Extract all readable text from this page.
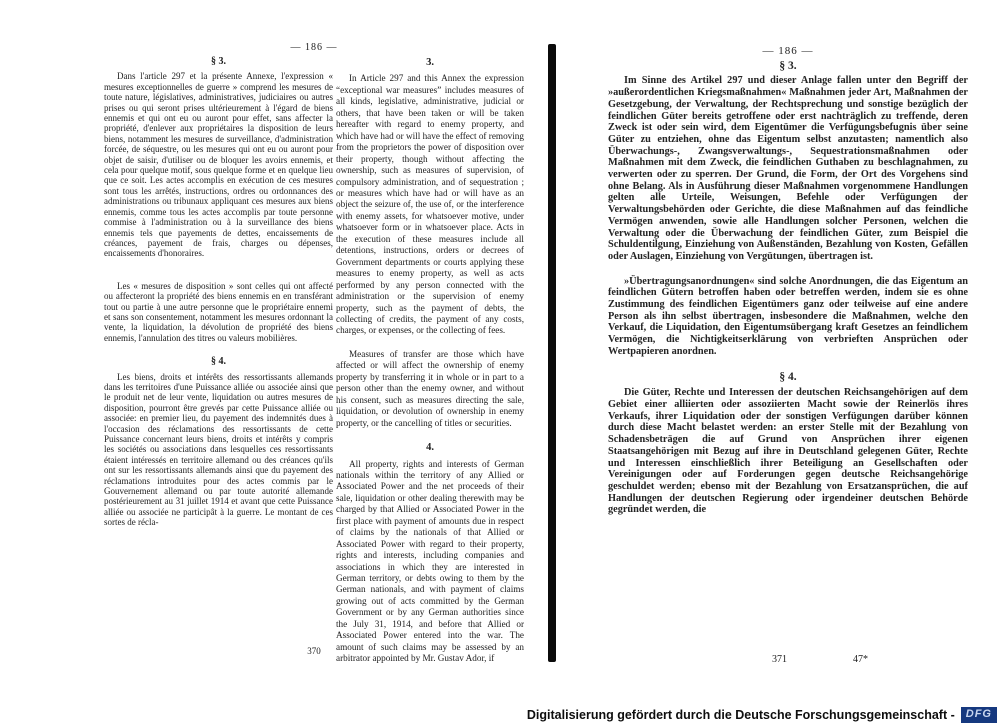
— 186 —
§ 3.

Dans l'article 297 et la présente Annexe, l'expression « mesures exceptionnelles de guerre » comprend les mesures de toute nature, législatives, administratives, judiciaires ou autres prises ou qui seront prises ultérieurement à l'égard de biens ennemis et qui ont eu ou auront pour effet, sans affecter la propriété, d'enlever aux propriétaires la disposition de leurs biens, notamment les mesures de surveillance, d'administration forcée, de séquestre, ou les mesures qui ont eu ou auront pour objet de saisir, d'utiliser ou de bloquer les avoirs ennemis, et cela pour quelque motif, sous quelque forme et en quelque lieu que ce soit. Les actes accomplis en exécution de ces mesures sont tous les arrêtés, instructions, ordres ou ordonnances des administrations ou tribunaux appliquant ces mesures aux biens ennemis, comme tous les actes accomplis par toute personne commise à l'administration ou à la surveillance des biens ennemis tels que payements de dettes, encaissements de créances, payement de frais, charges ou dépenses, encaissements d'honoraires.

Les « mesures de disposition » sont celles qui ont affecté ou affecteront la propriété des biens ennemis en en transférant tout ou partie à une autre personne que le propriétaire ennemi et sans son consentement, notamment les mesures ordonnant la vente, la liquidation, la dévolution de propriété des biens ennemis, l'annulation des titres ou valeurs mobilières.

§ 4.

Les biens, droits et intérêts des ressortissants allemands dans les territoires d'une Puissance alliée ou associée ainsi que le produit net de leur vente, liquidation ou autres mesures de disposition, pourront être grevés par cette Puissance alliée ou associée: en premier lieu, du payement des indemnités dues à l'occasion des réclamations des ressortissants de cette Puissance concernant leurs biens, droits et intérêts y compris les sociétés ou associations dans lesquelles ces ressortissants étaient intéressés en territoire allemand ou des créances qu'ils ont sur les ressortissants allemands ainsi que du payement des réclamations introduites pour des actes commis par le Gouvernement allemand ou par toute autorité allemande postérieurement au 31 juillet 1914 et avant que cette Puissance alliée ou associée ne participât à la guerre. Le montant de ces sortes de récla-

3.

In Article 297 and this Annex the expression “exceptional war measures” includes measures of all kinds, legislative, administrative, judicial or others, that have been taken or will be taken hereafter with regard to enemy property, and which have had or will have the effect of removing from the proprietors the power of disposition over their property, though without affecting the ownership, such as measures of supervision, of compulsory administration, and of sequestration ; or measures which have had or will have as an object the seizure of, the use of, or the interference with enemy assets, for whatsoever motive, under whatsoever form or in whatsoever place. Acts in the execution of these measures include all detentions, instructions, orders or decrees of Government departments or courts applying these measures to enemy property, as well as acts performed by any person connected with the administration or the supervision of enemy property, such as the payment of debts, the collecting of credits, the payment of any costs, charges, or expenses, or the collecting of fees.

Measures of transfer are those which have affected or will affect the ownership of enemy property by transferring it in whole or in part to a person other than the enemy owner, and without his consent, such as measures directing the sale, liquidation, or devolution of ownership in enemy property, or the cancelling of titles or securities.

4.

All property, rights and interests of German nationals within the territory of any Allied or Associated Power and the net proceeds of their sale, liquidation or other dealing therewith may be charged by that Allied or Associated Power in the first place with payment of amounts due in respect of claims by the nationals of that Allied or Associated Power with regard to their property, rights and interests, including companies and associations in which they are interested in German territory, or debts owing to them by the German nationals, and with payment of claims growing out of acts committed by the German Government or by any German authorities since the July 31, 1914, and before that Allied or Associated Power entered into the war. The amount of such claims may be assessed by an arbitrator appointed by Mr. Gustav Ador, if

370
— 186 —
§ 3.

Im Sinne des Artikel 297 und dieser Anlage fallen unter den Begriff der »außerordentlichen Kriegsmaßnahmen« Maßnahmen jeder Art, Maßnahmen der Gesetzgebung, der Verwaltung, der Rechtsprechung und sonstige bezüglich der feindlichen Güter bereits getroffene oder erst nachträglich zu treffende, deren Zweck ist oder sein wird, dem Eigentümer die Verfügungsbefugnis über seine Güter zu entziehen, ohne das Eigentum selbst anzutasten; namentlich also Überwachungs-, Zwangsverwaltungs-, Sequestrationsmaßnahmen oder Maßnahmen mit dem Zweck, die feindlichen Guthaben zu beschlagnahmen, zu verwerten oder zu sperren. Der Grund, die Form, der Ort des Vorgehens sind ohne Belang. Als in Ausführung dieser Maßnahmen vorgenommene Handlungen gelten alle Urteile, Weisungen, Befehle oder Verfügungen der Verwaltungsbehörden oder Gerichte, die diese Maßnahmen auf das feindliche Vermögen anwenden, sowie alle Handlungen solcher Personen, welchen die Verwaltung oder die Überwachung der feindlichen Güter, zum Beispiel die Schuldentilgung, Einziehung von Außenständen, Bezahlung von Kosten, Gefällen oder Auslagen, Einziehung von Vergütungen, übertragen ist.

»Übertragungsanordnungen« sind solche Anordnungen, die das Eigentum an feindlichen Gütern betroffen haben oder betreffen werden, indem sie es ohne Zustimmung des feindlichen Eigentümers ganz oder teilweise auf eine andere Person als ihn selbst übertragen, insbesondere die Maßnahmen, welche den Verkauf, die Liquidation, den Eigentumsübergang kraft Gesetzes an feindlichem Vermögen, die Nichtigkeitserklärung von verbrieften Ansprüchen oder Wertpapieren anordnen.

§ 4.

Die Güter, Rechte und Interessen der deutschen Reichsangehörigen auf dem Gebiet einer alliierten oder assoziierten Macht sowie der Reinerlös ihres Verkaufs, ihrer Liquidation oder der sonstigen Verfügungen darüber können durch diese Macht belastet werden: an erster Stelle mit der Bezahlung von Schadensbeträgen die auf Grund von Ansprüchen ihrer eigenen Staatsangehörigen mit Bezug auf ihre in Deutschland gelegenen Güter, Rechte und Interessen einschließlich ihrer Beteiligung an Gesellschaften oder Vereinigungen oder auf Forderungen gegen deutsche Reichsangehörige geschuldet werden; ebenso mit der Bezahlung von Ersatzansprüchen, die auf Handlungen der deutschen Regierung oder irgendeiner deutschen Behörde gegründet werden, die

371	47*
Digitalisierung gefördert durch die Deutsche Forschungsgemeinschaft -	DFG
